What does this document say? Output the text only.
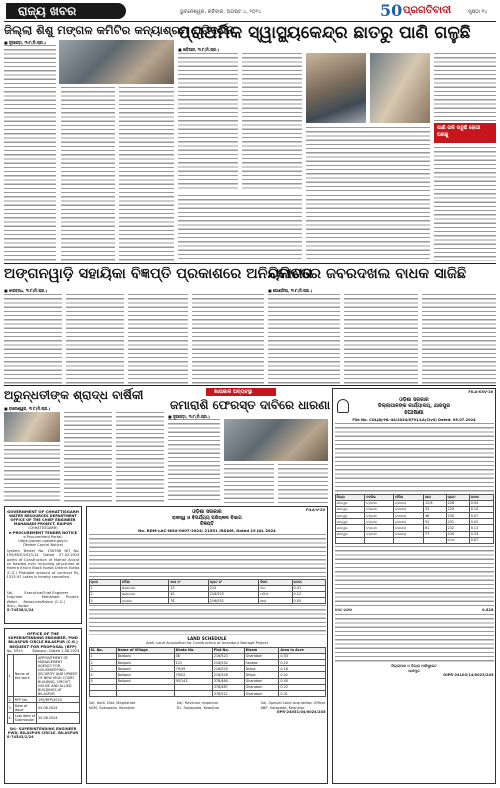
ରାଜ୍ୟ ଖବର	ଭୁବନେଶ୍ୱର, ରବିବାର, ଅଗଷ୍ଟ ୪, ୨୦୨୪	50 ପ୍ରଗତିବାଦୀ	ପୃଷ୍ଠା ୧୪
ଜିଲ୍ଲା ଶିଶୁ ମଙ୍ଗଳ କମିଟିର କନ୍ୟାଶ୍ରମ ପରିଦର୍ଶନ
■ ନୂଆପଡ଼ା, ୩।୮(ନି.ପ୍ର.)	ପ୍ରାଥମିକ ସ୍ୱାସ୍ଥ୍ୟକେନ୍ଦ୍ର ଛାତରୁ ପାଣି ଗଳୁଛି
■ ଖଡ଼ିଆଳ, ୩।୮(ନି.ପ୍ର.)
ପାଣି ଗଳି ପଡୁଛି ରୋଗୀ ଘରକୁ
ଅଙ୍ଗନୱାଡ଼ି ସହାୟିକା ବିଜ୍ଞପ୍ତି ପ୍ରକାଶରେ ଅନିୟମିତତା
■ ଝାରବନ୍ଧ, ୩।୮(ନି.ପ୍ର.)
ବିକାଶରେ ଜବରଦଖଲ ବାଧକ ସାଜିଛି
■ ଗୋଣ୍ଡିଆ, ୩।୮(ନି.ପ୍ର.)
ଅରୁନ୍ଧତୀଙ୍କ ଶ୍ରାଦ୍ଧ ବାର୍ଷିକୀ
■ ବାଲେଶ୍ୱର, ୩।୮(ନି.ପ୍ର.)
ଖାତାକାଳ ଅବ୍ୟବସ୍ଥା
ଜମାରାଶି ଫେରସ୍ତ ଦାବିରେ ଧାରଣା
■ ନୂଆପଡ଼ା, ୩।୮(ନି.ପ୍ର.)
GOVERNMENT OF CHHATTISGARH
WATER RESOURCES DEPARTMENT
OFFICE OF THE CHIEF ENGINEER
MAHANADI PROJECT, RAIPUR
(CHHATTISGARH)
e-PROCUREMENT TENDER NOTICE
e-Procurement Portal: https://eproc.cgstate.gov.in
(Tender Cancel Notice)
System Tender No. 150598 NIT No. 159/MCE/2023-24 Dated 27.02.2024 works of Construction of Mamar Anicut on Hasdeo river including structures at Mamra Khurd Block Korba District Korba (C.G.) Probable amount of contract Rs. 1525.97 Lakhs is hereby cancelled.
Sd/- Executive Engineer
Water Resources Divn., Korba
Chief Engineer
Mahanadi Project, Raipur (C.G.)
G-74538/1/24
OFFICE OF THE
SUPERINTENDING ENGINEER, PWD
BILASPUR CIRCLE BILASPUR (C.G.)
REQUEST FOR PROPOSAL (RFP)
No. 5910	Bilaspur, Dated 2.08.2024
1.	Name of the work	APPOINTMENT OF MANAGEMENT AGENCY FOR HOUSEKEEPING, SECURITY AND UPKEEP OF NEW HIGH COURT BUILDING, CIRCUIT HOUSE AND ALLIED BUILDINGS AT BILASPUR
2.	RFP No.	195/RFP/2024
3.	Date of Issue	05.08.2024
4.	Last date of Submission	30.08.2024
Sd/- SUPERINTENDING ENGINEER
PWD, BILASPUR CIRCLE, BILASPUR
G-74543/1/24
FILA-V-20
ଓଡ଼ିଶା ସରକାର
ରାଜସ୍ୱ ଓ ବିପର୍ଯ୍ୟୟ ପରିଚାଳନା ବିଭାଗ
ବିଜ୍ଞପ୍ତି
No. RDM-LAC-NOU-0007-2024/ 21551 /R&DM, Dated 19 JUL 2024
କ୍ରମ	ମୌଜା	ଖାତା ନଂ	ପ୍ଲଟ ନଂ	କିସମ	ରକବା
1	ଖଣ୍ଡପଡ଼ା	12	215	ଧାନ	0.41
2	ଖଣ୍ଡପଡ଼ା	45	216/523	ପଡ଼ିଆ	0.12
3	ଭଦ୍ରକ	78	216/532	ଶାଳା	0.05
LAND SCHEDULE
Addl. Land Acquisition for Construction of Anandpur Barrage Project
Sl. No.	Name of Village	Khata No.	Plot No.	Kisam	Area in Acre
1	Baliposi	38	216/523	Gharabari	0.03
2	Baliposi	121	216/532	Sarada	0.20
3	Baliposi	79/39	216/525	Dhipa	0.16
4	Baliposi	79/02	216/526	Dhipa	0.02
5	Baliposi	95/143	378/484	Gharabari	0.40
			378/487	Gharabari	0.22
			378/512	Gharabari	0.31
Sd/- Addl. Dist. Magistrate
ADM, Sakapada, Keonjhar
Sd/- Revenue Inspector
R.I. Sakapada, Keonjhar
Sd/- Special Land Acquisition Officer
ABP, Salapada, Keonjhar
OPR-24051/04/0024/245
FILA-XXV-16
ଓଡ଼ିଶା ସରକାର
ଜିଲ୍ଲାପାଳଙ୍କ କାର୍ଯ୍ୟାଳୟ, ଯାଜପୁର
ଘୋଷଣା
File No. COLJAJ-HL-44/2024/8791/LA(Civil) Dated: 05.07.2024
ଜିଲ୍ଲା	ତହସିଲ	ମୌଜା	ଖାତା	ପ୍ଲଟ	ରକବା
ଯାଜପୁର	ବଡ଼ଚଣା	ଚକଜାଲା	12/4	228	0.04
ଯାଜପୁର	ବଡ଼ଚଣା	ଚକଜାଲା	33	229	0.10
ଯାଜପୁର	ବଡ଼ଚଣା	ଚକଜାଲା	48	230	0.07
ଯାଜପୁର	ବଡ଼ଚଣା	ଚକଜାଲା	52	231	0.02
ଯାଜପୁର	ବଡ଼ଚଣା	ଚକଜାଲା	61	232	0.11
ଯାଜପୁର	ବଡ଼ଚଣା	ଚକଜାଲା	77	234	0.33
				ମୋଟ	0.67
ମୋଟ ରକବା	0.818
ଜିଲ୍ଲାପାଳ ଓ ଜିଲ୍ଲା ମାଜିଷ୍ଟ୍ରେଟ
ଯାଜପୁର
OIPR-24103/14/0023/245
